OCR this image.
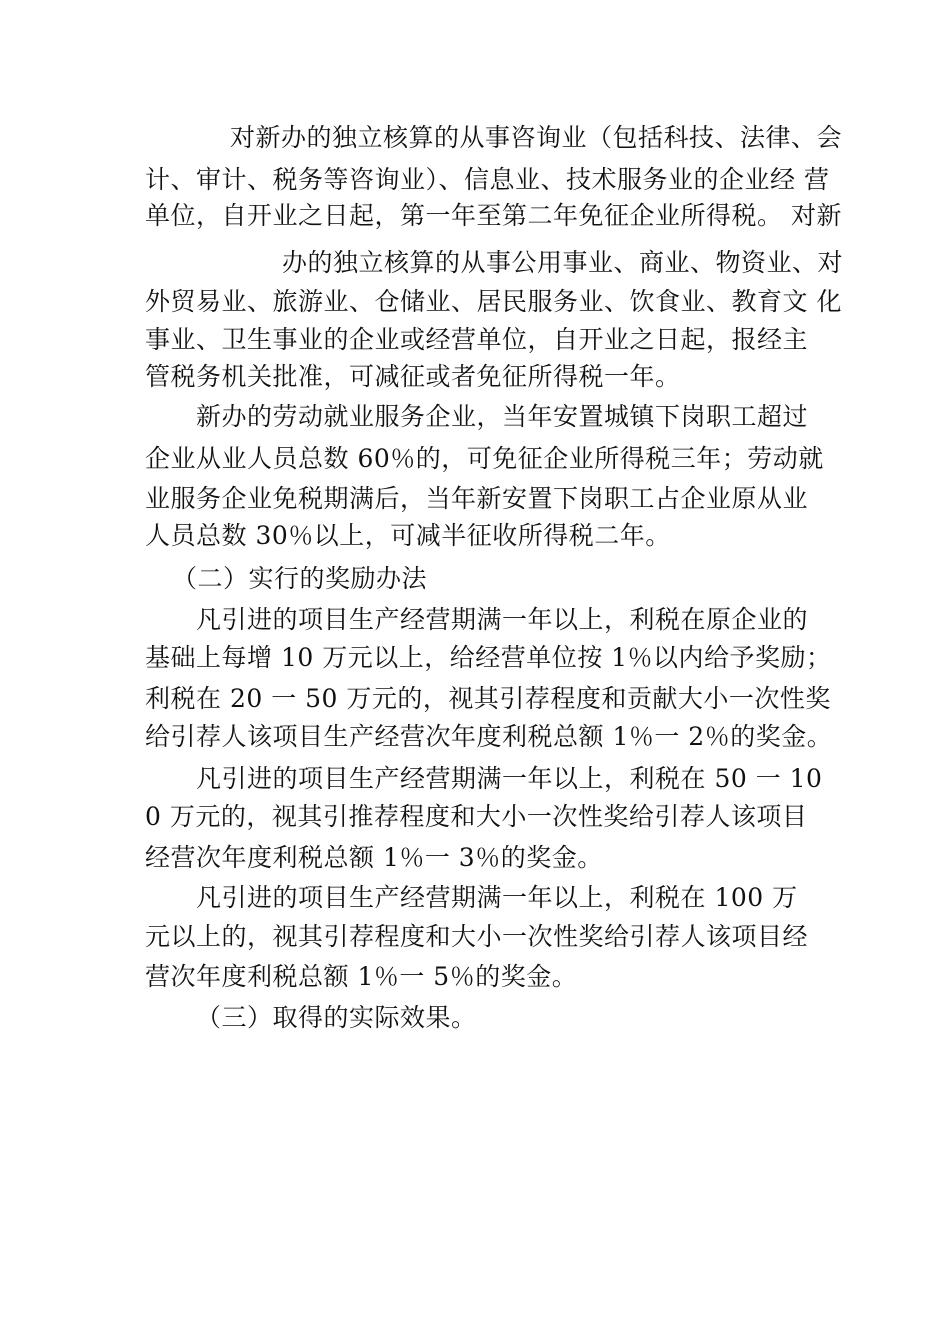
对新办的独立核算的从事咨询业（包括科技、法律、会
计、审计、税务等咨询业）、信息业、技术服务业的企业经 营
单位，自开业之日起，第一年至第二年免征企业所得税。 对新
办的独立核算的从事公用事业、商业、物资业、对
外贸易业、旅游业、仓储业、居民服务业、饮食业、教育文 化
事业、卫生事业的企业或经营单位，自开业之日起，报经主
管税务机关批准，可减征或者免征所得税一年。
新办的劳动就业服务企业，当年安置城镇下岗职工超过
企业从业人员总数 60％的，可免征企业所得税三年；劳动就
业服务企业免税期满后，当年新安置下岗职工占企业原从业
人员总数 30％以上，可减半征收所得税二年。
（二）实行的奖励办法
凡引进的项目生产经营期满一年以上，利税在原企业的
基础上每增 10 万元以上，给经营单位按 1％以内给予奖励；
利税在 20 一 50 万元的，视其引荐程度和贡献大小一次性奖
给引荐人该项目生产经营次年度利税总额 1％一 2％的奖金。
凡引进的项目生产经营期满一年以上，利税在 50 一 10
0 万元的，视其引推荐程度和大小一次性奖给引荐人该项目
经营次年度利税总额 1％一 3％的奖金。
凡引进的项目生产经营期满一年以上，利税在 100 万
元以上的，视其引荐程度和大小一次性奖给引荐人该项目经
营次年度利税总额 1％一 5％的奖金。
（三）取得的实际效果。
